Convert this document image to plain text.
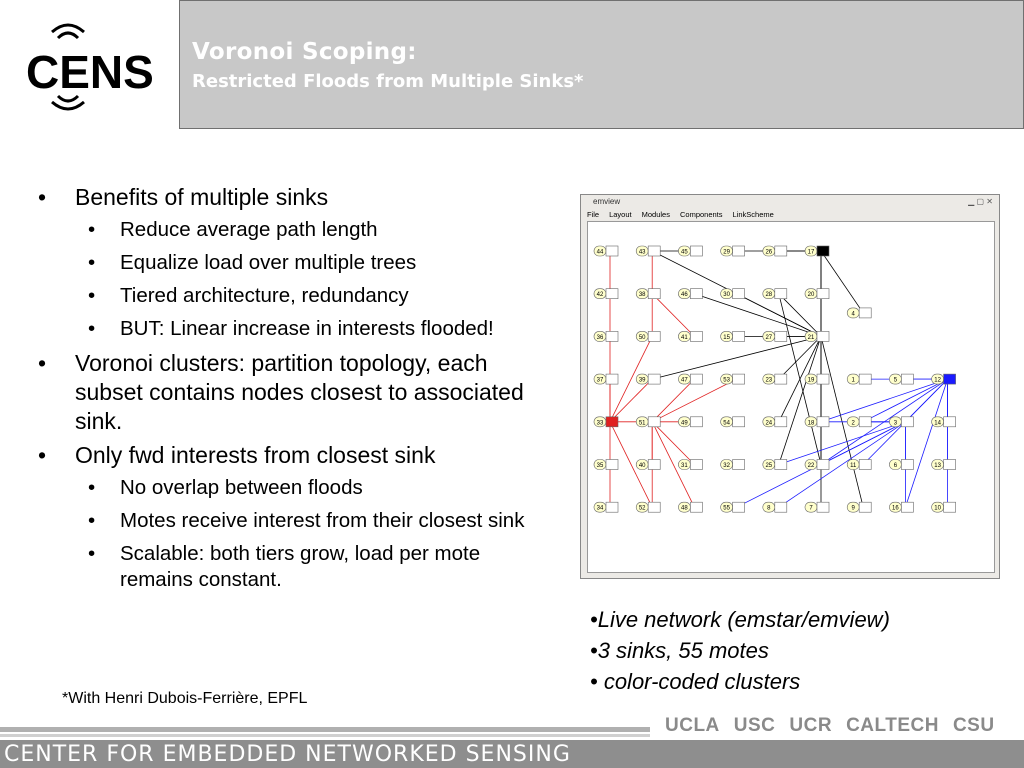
CENS Voronoi Scoping:
Restricted Floods from Multiple Sinks*
• Benefits of multiple sinks
• Reduce average path length
• Equalize load over multiple trees
• Tiered architecture, redundancy
• BUT: Linear increase in interests flooded!
• Voronoi clusters: partition topology, each subset contains nodes closest to associated sink.
• Only fwd interests from closest sink
• No overlap between floods
• Motes receive interest from their closest sink
• Scalable: both tiers grow, load per mote remains constant.
*With Henri Dubois-Ferrière, EPFL
emview	▁ ▢ ✕
File Layout Modules Components LinkScheme
44	43	45	29	26	17
42	38	46	30	28	20
4
36	50	41	15	27	21
37	39	47	53	23	19	1	5	12
33	51	49	54	24	18	2	3	14
35	40	31	32	25	22	11	6	13
34	52	48	55	8	7	9	16	10
•Live network (emstar/emview)
•3 sinks, 55 motes
• color-coded clusters
UCLA USC UCR CALTECH CSU
CENTER FOR EMBEDDED NETWORKED SENSING
